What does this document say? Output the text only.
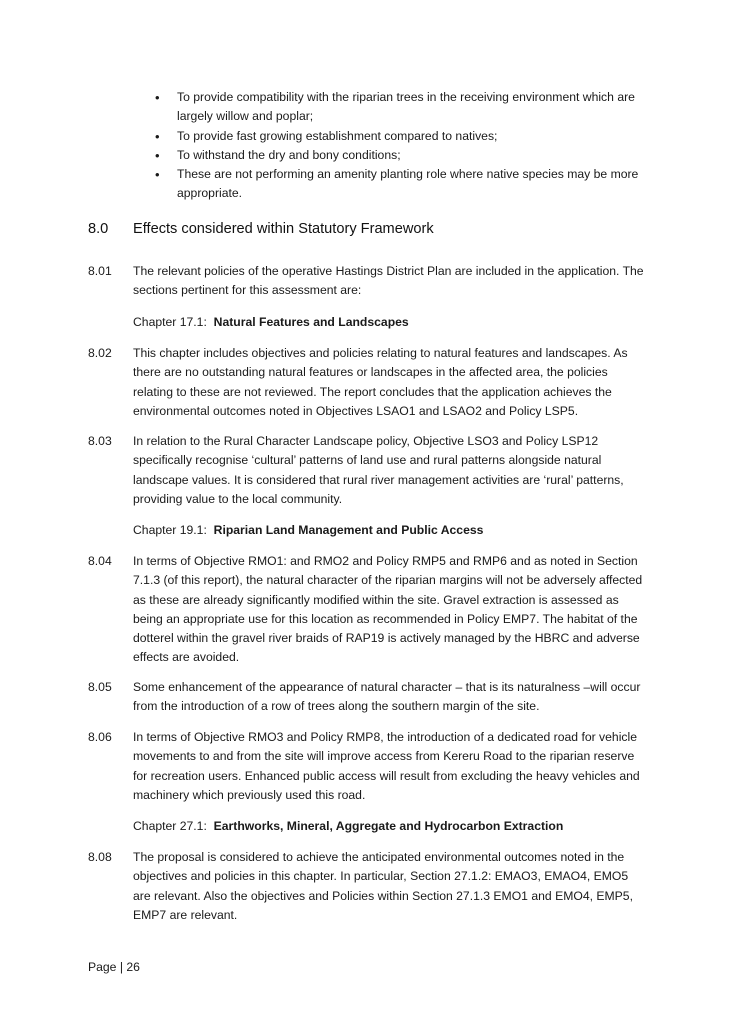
• To provide compatibility with the riparian trees in the receiving environment which are largely willow and poplar;
• To provide fast growing establishment compared to natives;
• To withstand the dry and bony conditions;
• These are not performing an amenity planting role where native species may be more appropriate.
8.0 Effects considered within Statutory Framework
8.01 The relevant policies of the operative Hastings District Plan are included in the application. The sections pertinent for this assessment are:
Chapter 17.1: Natural Features and Landscapes
8.02 This chapter includes objectives and policies relating to natural features and landscapes. As there are no outstanding natural features or landscapes in the affected area, the policies relating to these are not reviewed. The report concludes that the application achieves the environmental outcomes noted in Objectives LSAO1 and LSAO2 and Policy LSP5.
8.03 In relation to the Rural Character Landscape policy, Objective LSO3 and Policy LSP12 specifically recognise ‘cultural’ patterns of land use and rural patterns alongside natural landscape values. It is considered that rural river management activities are ‘rural’ patterns, providing value to the local community.
Chapter 19.1: Riparian Land Management and Public Access
8.04 In terms of Objective RMO1: and RMO2 and Policy RMP5 and RMP6 and as noted in Section 7.1.3 (of this report), the natural character of the riparian margins will not be adversely affected as these are already significantly modified within the site. Gravel extraction is assessed as being an appropriate use for this location as recommended in Policy EMP7. The habitat of the dotterel within the gravel river braids of RAP19 is actively managed by the HBRC and adverse effects are avoided.
8.05 Some enhancement of the appearance of natural character – that is its naturalness –will occur from the introduction of a row of trees along the southern margin of the site.
8.06 In terms of Objective RMO3 and Policy RMP8, the introduction of a dedicated road for vehicle movements to and from the site will improve access from Kereru Road to the riparian reserve for recreation users. Enhanced public access will result from excluding the heavy vehicles and machinery which previously used this road.
Chapter 27.1: Earthworks, Mineral, Aggregate and Hydrocarbon Extraction
8.08 The proposal is considered to achieve the anticipated environmental outcomes noted in the objectives and policies in this chapter. In particular, Section 27.1.2: EMAO3, EMAO4, EMO5 are relevant. Also the objectives and Policies within Section 27.1.3 EMO1 and EMO4, EMP5, EMP7 are relevant.
Page | 26
